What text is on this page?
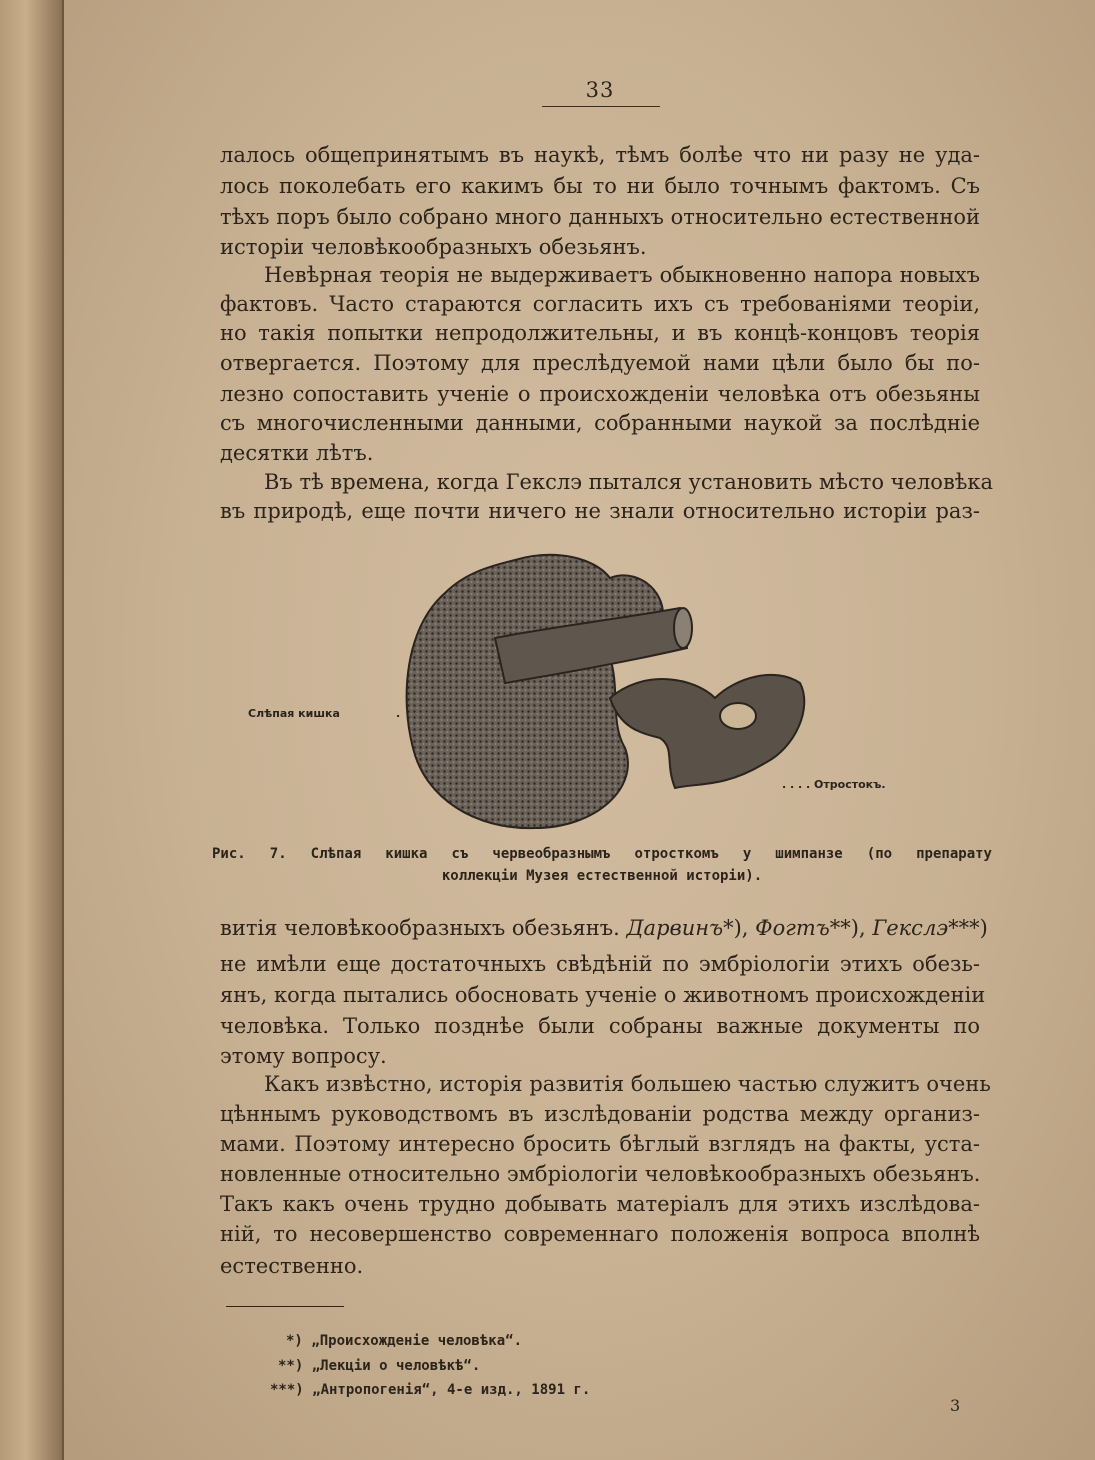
33
лалось общепринятымъ въ наукѣ, тѣмъ болѣе что ни разу не уда-
лось поколебать его какимъ бы то ни было точнымъ фактомъ. Съ
тѣхъ поръ было собрано много данныхъ относительно естественной
исторіи человѣкообразныхъ обезьянъ.
Невѣрная теорія не выдерживаетъ обыкновенно напора новыхъ
фактовъ. Часто стараются согласить ихъ съ требованіями теоріи,
но такія попытки непродолжительны, и въ концѣ-концовъ теорія
отвергается. Поэтому для преслѣдуемой нами цѣли было бы по-
лезно сопоставить ученіе о происхожденіи человѣка отъ обезьяны
съ многочисленными данными, собранными наукой за послѣдніе
десятки лѣтъ.
Въ тѣ времена, когда Гекслэ пытался установить мѣсто человѣка
въ природѣ, еще почти ничего не знали относительно исторіи раз-
Слѣпая кишка	.
. . . . Отростокъ.
Рис. 7. Слѣпая кишка съ червеобразнымъ отросткомъ у шимпанзе (по препарату
коллекціи Музея естественной исторіи).
витія человѣкообразныхъ обезьянъ. Дарвинъ*), Фогтъ**), Гекслэ***)
не имѣли еще достаточныхъ свѣдѣній по эмбріологіи этихъ обезь-
янъ, когда пытались обосновать ученіе о животномъ происхожденіи
человѣка. Только позднѣе были собраны важные документы по
этому вопросу.
Какъ извѣстно, исторія развитія большею частью служитъ очень
цѣннымъ руководствомъ въ изслѣдованіи родства между организ-
мами. Поэтому интересно бросить бѣглый взглядъ на факты, уста-
новленные относительно эмбріологіи человѣкообразныхъ обезьянъ.
Такъ какъ очень трудно добывать матеріалъ для этихъ изслѣдова-
ній, то несовершенство современнаго положенія вопроса вполнѣ
естественно.
*) „Происхожденіе человѣка“.
**) „Лекціи о человѣкѣ“.
***) „Антропогенія“, 4-е изд., 1891 г.
3
